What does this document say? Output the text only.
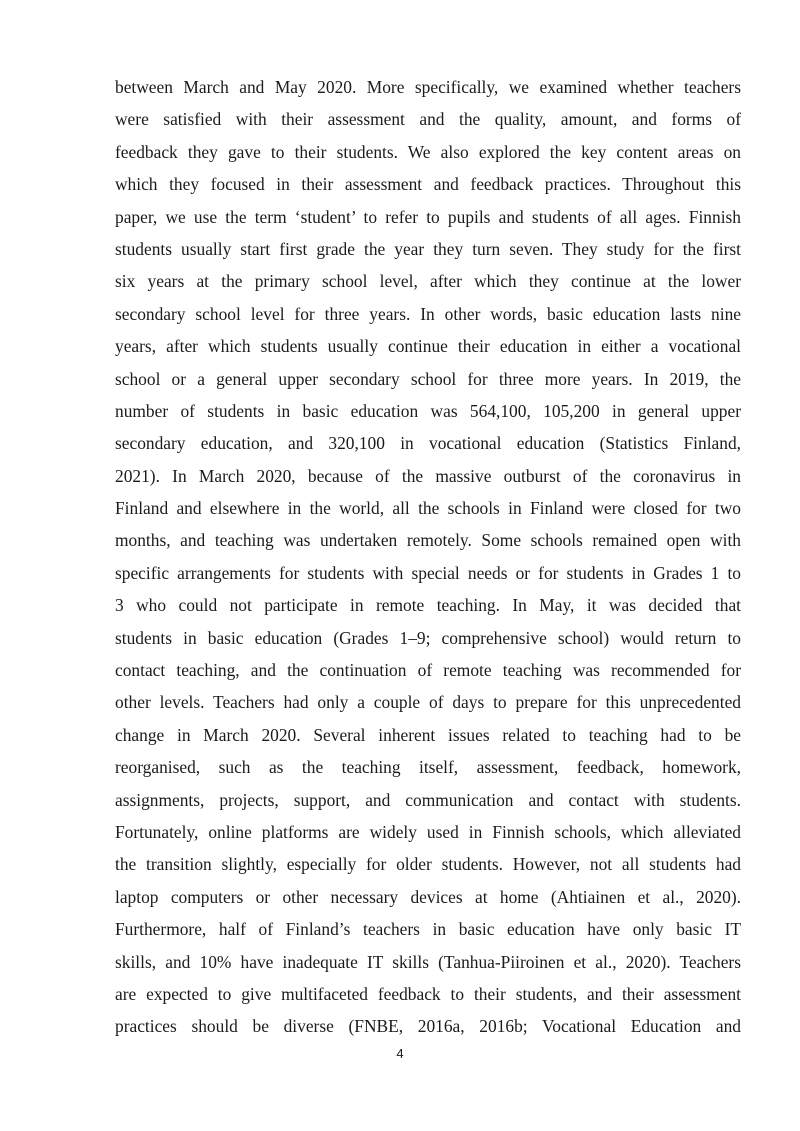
between March and May 2020. More specifically, we examined whether teachers
were satisfied with their assessment and the quality, amount, and forms of
feedback they gave to their students. We also explored the key content areas on
which they focused in their assessment and feedback practices. Throughout this
paper, we use the term ‘student’ to refer to pupils and students of all ages. Finnish
students usually start first grade the year they turn seven. They study for the first
six years at the primary school level, after which they continue at the lower
secondary school level for three years. In other words, basic education lasts nine
years, after which students usually continue their education in either a vocational
school or a general upper secondary school for three more years. In 2019, the
number of students in basic education was 564,100, 105,200 in general upper
secondary education, and 320,100 in vocational education (Statistics Finland,
2021). In March 2020, because of the massive outburst of the coronavirus in
Finland and elsewhere in the world, all the schools in Finland were closed for two
months, and teaching was undertaken remotely. Some schools remained open with
specific arrangements for students with special needs or for students in Grades 1 to
3 who could not participate in remote teaching. In May, it was decided that
students in basic education (Grades 1–9; comprehensive school) would return to
contact teaching, and the continuation of remote teaching was recommended for
other levels. Teachers had only a couple of days to prepare for this unprecedented
change in March 2020. Several inherent issues related to teaching had to be
reorganised, such as the teaching itself, assessment, feedback, homework,
assignments, projects, support, and communication and contact with students.
Fortunately, online platforms are widely used in Finnish schools, which alleviated
the transition slightly, especially for older students. However, not all students had
laptop computers or other necessary devices at home (Ahtiainen et al., 2020).
Furthermore, half of Finland’s teachers in basic education have only basic IT
skills, and 10% have inadequate IT skills (Tanhua-Piiroinen et al., 2020). Teachers
are expected to give multifaceted feedback to their students, and their assessment
practices should be diverse (FNBE, 2016a, 2016b; Vocational Education and
4
